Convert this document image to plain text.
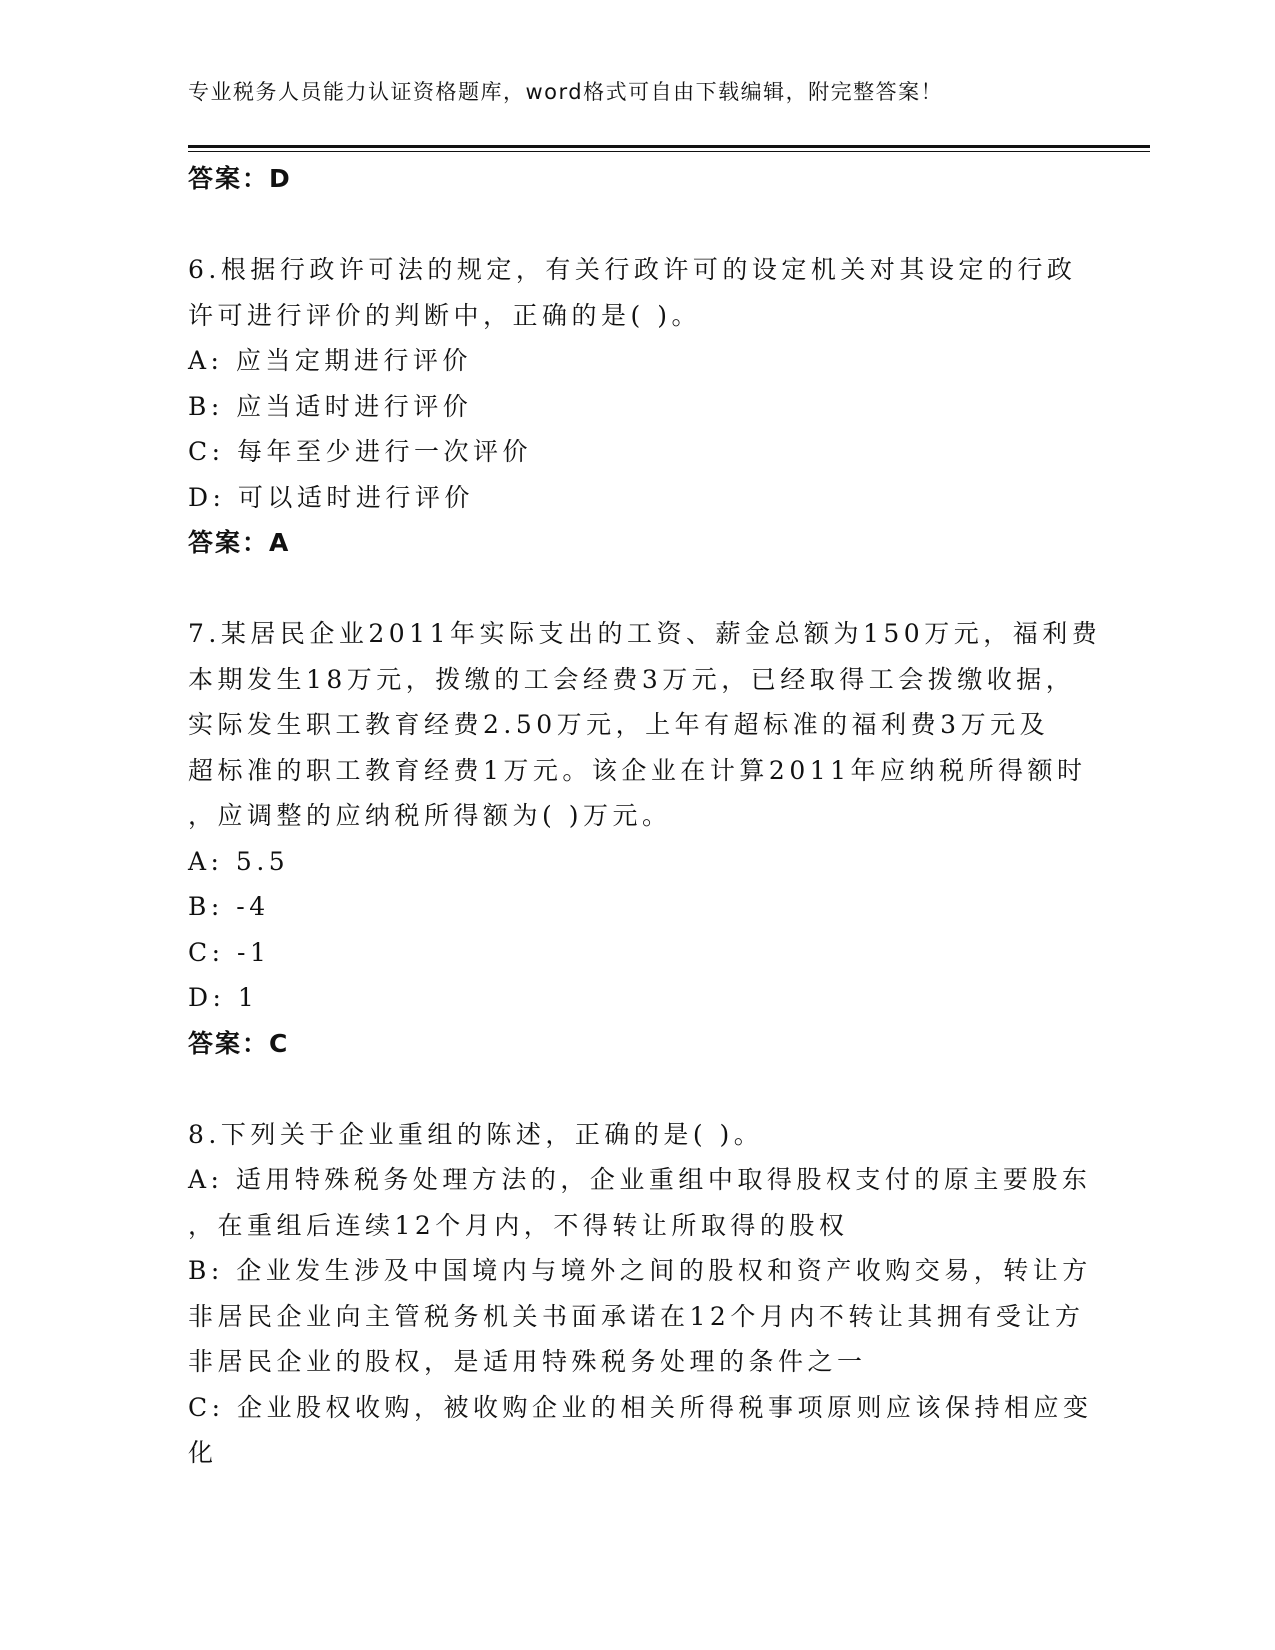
专业税务人员能力认证资格题库，word格式可自由下载编辑，附完整答案！
答案：D
6.根据行政许可法的规定，有关行政许可的设定机关对其设定的行政
许可进行评价的判断中，正确的是( )。
A: 应当定期进行评价
B: 应当适时进行评价
C: 每年至少进行一次评价
D: 可以适时进行评价
答案：A
7.某居民企业2011年实际支出的工资、薪金总额为150万元，福利费
本期发生18万元，拨缴的工会经费3万元，已经取得工会拨缴收据，
实际发生职工教育经费2.50万元，上年有超标准的福利费3万元及
超标准的职工教育经费1万元。该企业在计算2011年应纳税所得额时
，应调整的应纳税所得额为( )万元。
A: 5.5
B: -4
C: -1
D: 1
答案：C
8.下列关于企业重组的陈述，正确的是( )。
A: 适用特殊税务处理方法的，企业重组中取得股权支付的原主要股东
，在重组后连续12个月内，不得转让所取得的股权
B: 企业发生涉及中国境内与境外之间的股权和资产收购交易，转让方
非居民企业向主管税务机关书面承诺在12个月内不转让其拥有受让方
非居民企业的股权，是适用特殊税务处理的条件之一
C: 企业股权收购，被收购企业的相关所得税事项原则应该保持相应变
化
